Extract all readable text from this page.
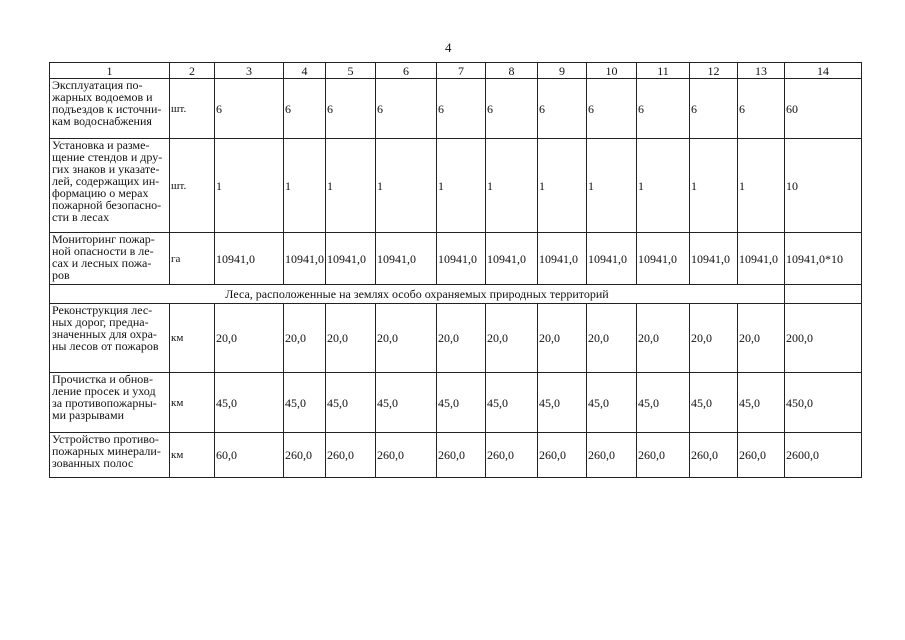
4
1	2	3	4	5	6	7	8	9	10	11	12	13	14
Эксплуатация по-жарных водоемов и подъездов к источни-кам водоснабжения	шт.	6	6	6	6	6	6	6	6	6	6	6	60
Установка и разме-щение стендов и дру-гих знаков и указате-лей, содержащих ин-формацию о мерах пожарной безопасно-сти в лесах	шт.	1	1	1	1	1	1	1	1	1	1	1	10
Мониторинг пожар-ной опасности в ле-сах и лесных пожа-ров	га	10941,0	10941,0	10941,0	10941,0	10941,0	10941,0	10941,0	10941,0	10941,0	10941,0	10941,0	10941,0*10
Леса, расположенные на землях особо охраняемых природных территорий													
Реконструкция лес-ных дорог, предна-значенных для охра-ны лесов от пожаров	км	20,0	20,0	20,0	20,0	20,0	20,0	20,0	20,0	20,0	20,0	20,0	200,0
Прочистка и обнов-ление просек и уход за противопожарны-ми разрывами	км	45,0	45,0	45,0	45,0	45,0	45,0	45,0	45,0	45,0	45,0	45,0	450,0
Устройство противо-пожарных минерали-зованных полос	км	60,0	260,0	260,0	260,0	260,0	260,0	260,0	260,0	260,0	260,0	260,0	2600,0
